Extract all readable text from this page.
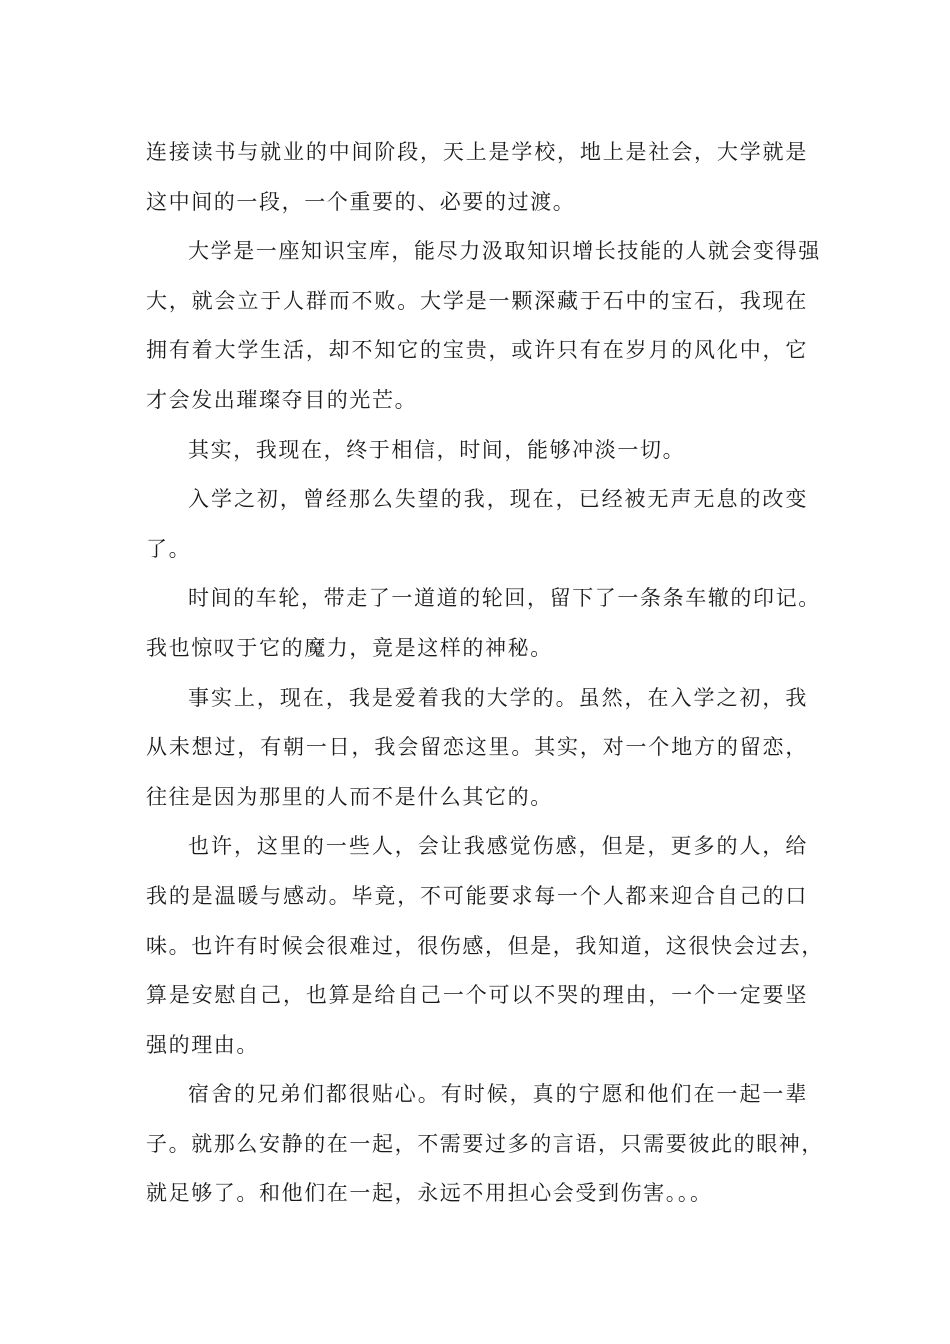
连接读书与就业的中间阶段，天上是学校，地上是社会，大学就是
这中间的一段，一个重要的、必要的过渡。
大学是一座知识宝库，能尽力汲取知识增长技能的人就会变得强
大，就会立于人群而不败。大学是一颗深藏于石中的宝石，我现在
拥有着大学生活，却不知它的宝贵，或许只有在岁月的风化中，它
才会发出璀璨夺目的光芒。
其实，我现在，终于相信，时间，能够冲淡一切。
入学之初，曾经那么失望的我，现在，已经被无声无息的改变
了。
时间的车轮，带走了一道道的轮回，留下了一条条车辙的印记。
我也惊叹于它的魔力，竟是这样的神秘。
事实上，现在，我是爱着我的大学的。虽然，在入学之初，我
从未想过，有朝一日，我会留恋这里。其实，对一个地方的留恋，
往往是因为那里的人而不是什么其它的。
也许，这里的一些人，会让我感觉伤感，但是，更多的人，给
我的是温暖与感动。毕竟，不可能要求每一个人都来迎合自己的口
味。也许有时候会很难过，很伤感，但是，我知道，这很快会过去，
算是安慰自己，也算是给自己一个可以不哭的理由，一个一定要坚
强的理由。
宿舍的兄弟们都很贴心。有时候，真的宁愿和他们在一起一辈
子。就那么安静的在一起，不需要过多的言语，只需要彼此的眼神，
就足够了。和他们在一起，永远不用担心会受到伤害。。。
